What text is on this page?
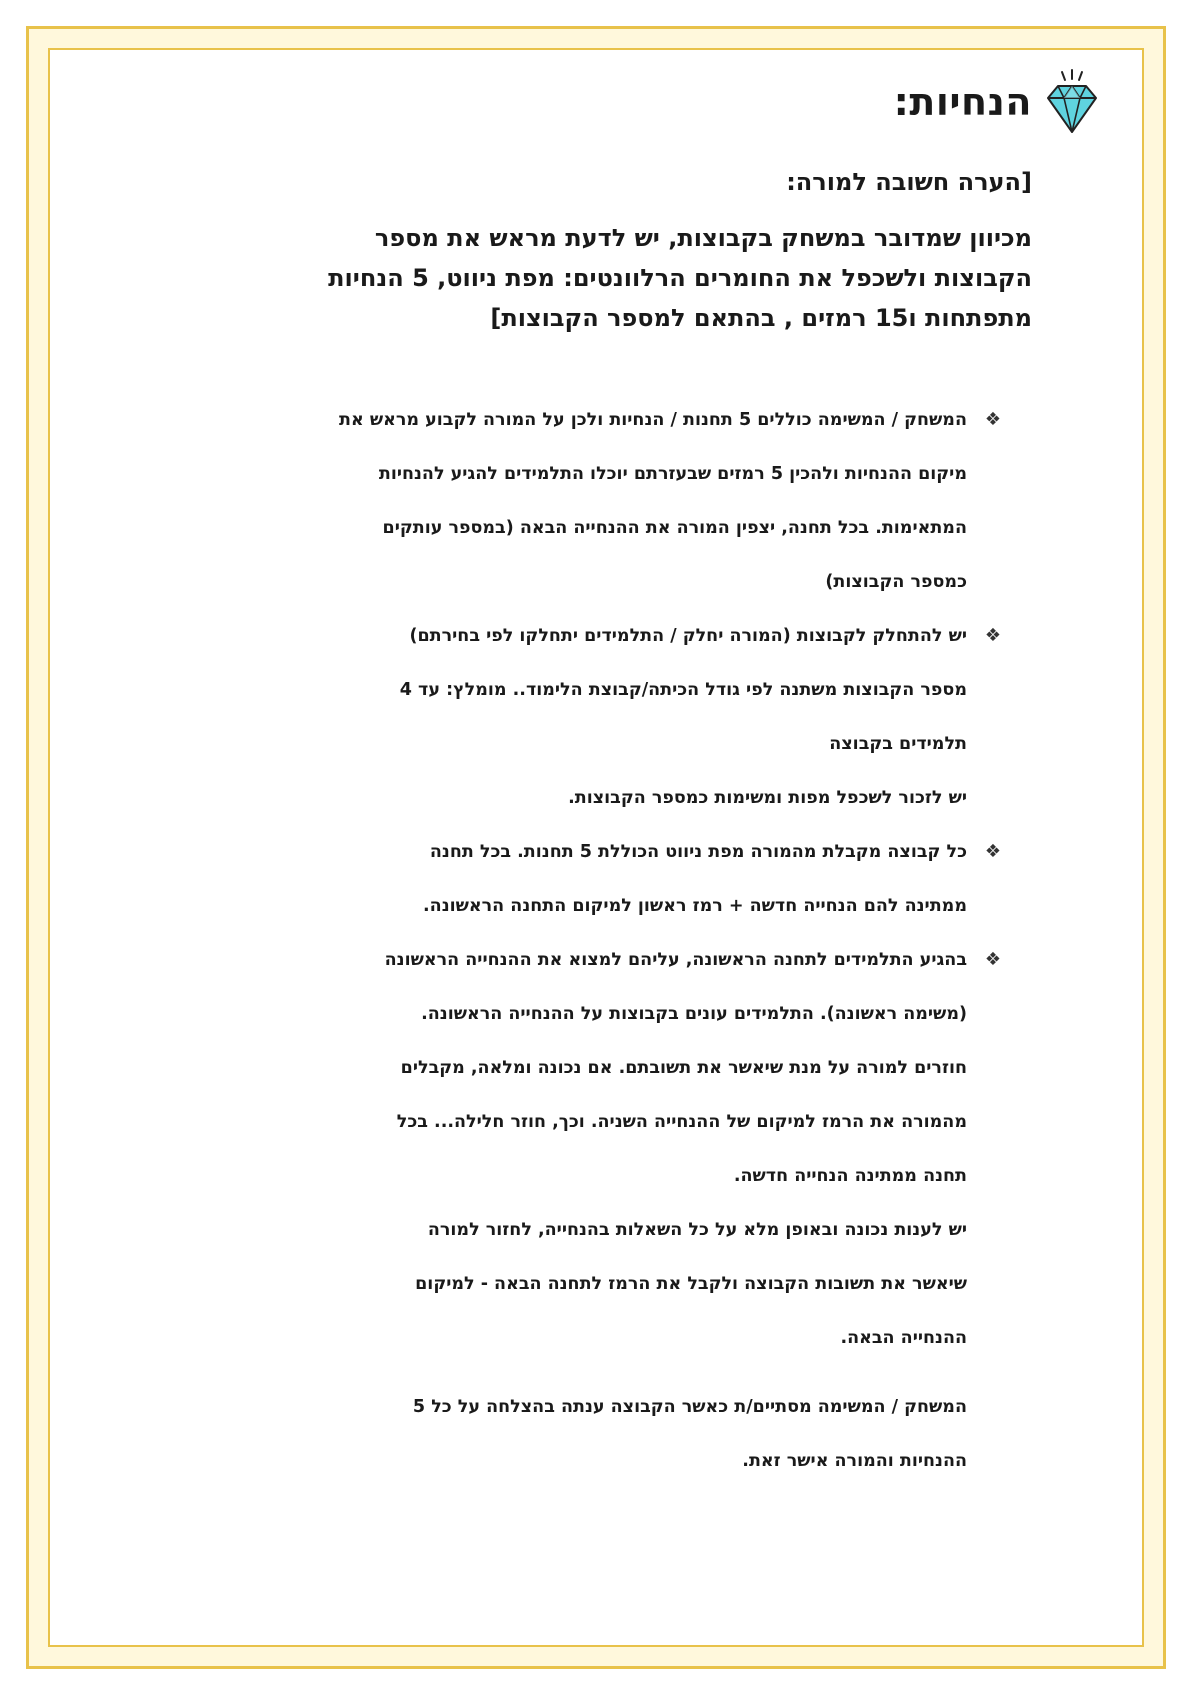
הנחיות:

[הערה חשובה למורה:

מכיוון שמדובר במשחק בקבוצות, יש לדעת מראש את מספר
הקבוצות ולשכפל את החומרים הרלוונטים: מפת ניווט, 5 הנחיות
מתפתחות ו15 רמזים , בהתאם למספר הקבוצות]

❖
המשחק / המשימה כוללים 5 תחנות / הנחיות ולכן על המורה לקבוע מראש את
מיקום ההנחיות ולהכין 5 רמזים שבעזרתם יוכלו התלמידים להגיע להנחיות
המתאימות. בכל תחנה, יצפין המורה את ההנחייה הבאה (במספר עותקים
כמספר הקבוצות)
❖
יש להתחלק לקבוצות (המורה יחלק / התלמידים יתחלקו לפי בחירתם)
מספר הקבוצות משתנה לפי גודל הכיתה/קבוצת הלימוד.. מומלץ: עד 4
תלמידים בקבוצה
יש לזכור לשכפל מפות ומשימות כמספר הקבוצות.
❖
כל קבוצה מקבלת מהמורה מפת ניווט הכוללת 5 תחנות. בכל תחנה
ממתינה להם הנחייה חדשה + רמז ראשון למיקום התחנה הראשונה.
❖
בהגיע התלמידים לתחנה הראשונה, עליהם למצוא את ההנחייה הראשונה
(משימה ראשונה). התלמידים עונים בקבוצות על ההנחייה הראשונה.
חוזרים למורה על מנת שיאשר את תשובתם. אם נכונה ומלאה, מקבלים
מהמורה את הרמז למיקום של ההנחייה השניה. וכך, חוזר חלילה... בכל
תחנה ממתינה הנחייה חדשה.
יש לענות נכונה ובאופן מלא על כל השאלות בהנחייה, לחזור למורה
שיאשר את תשובות הקבוצה ולקבל את הרמז לתחנה הבאה - למיקום
ההנחייה הבאה.

המשחק / המשימה מסתיים/ת כאשר הקבוצה ענתה בהצלחה על כל 5
ההנחיות והמורה אישר זאת.
